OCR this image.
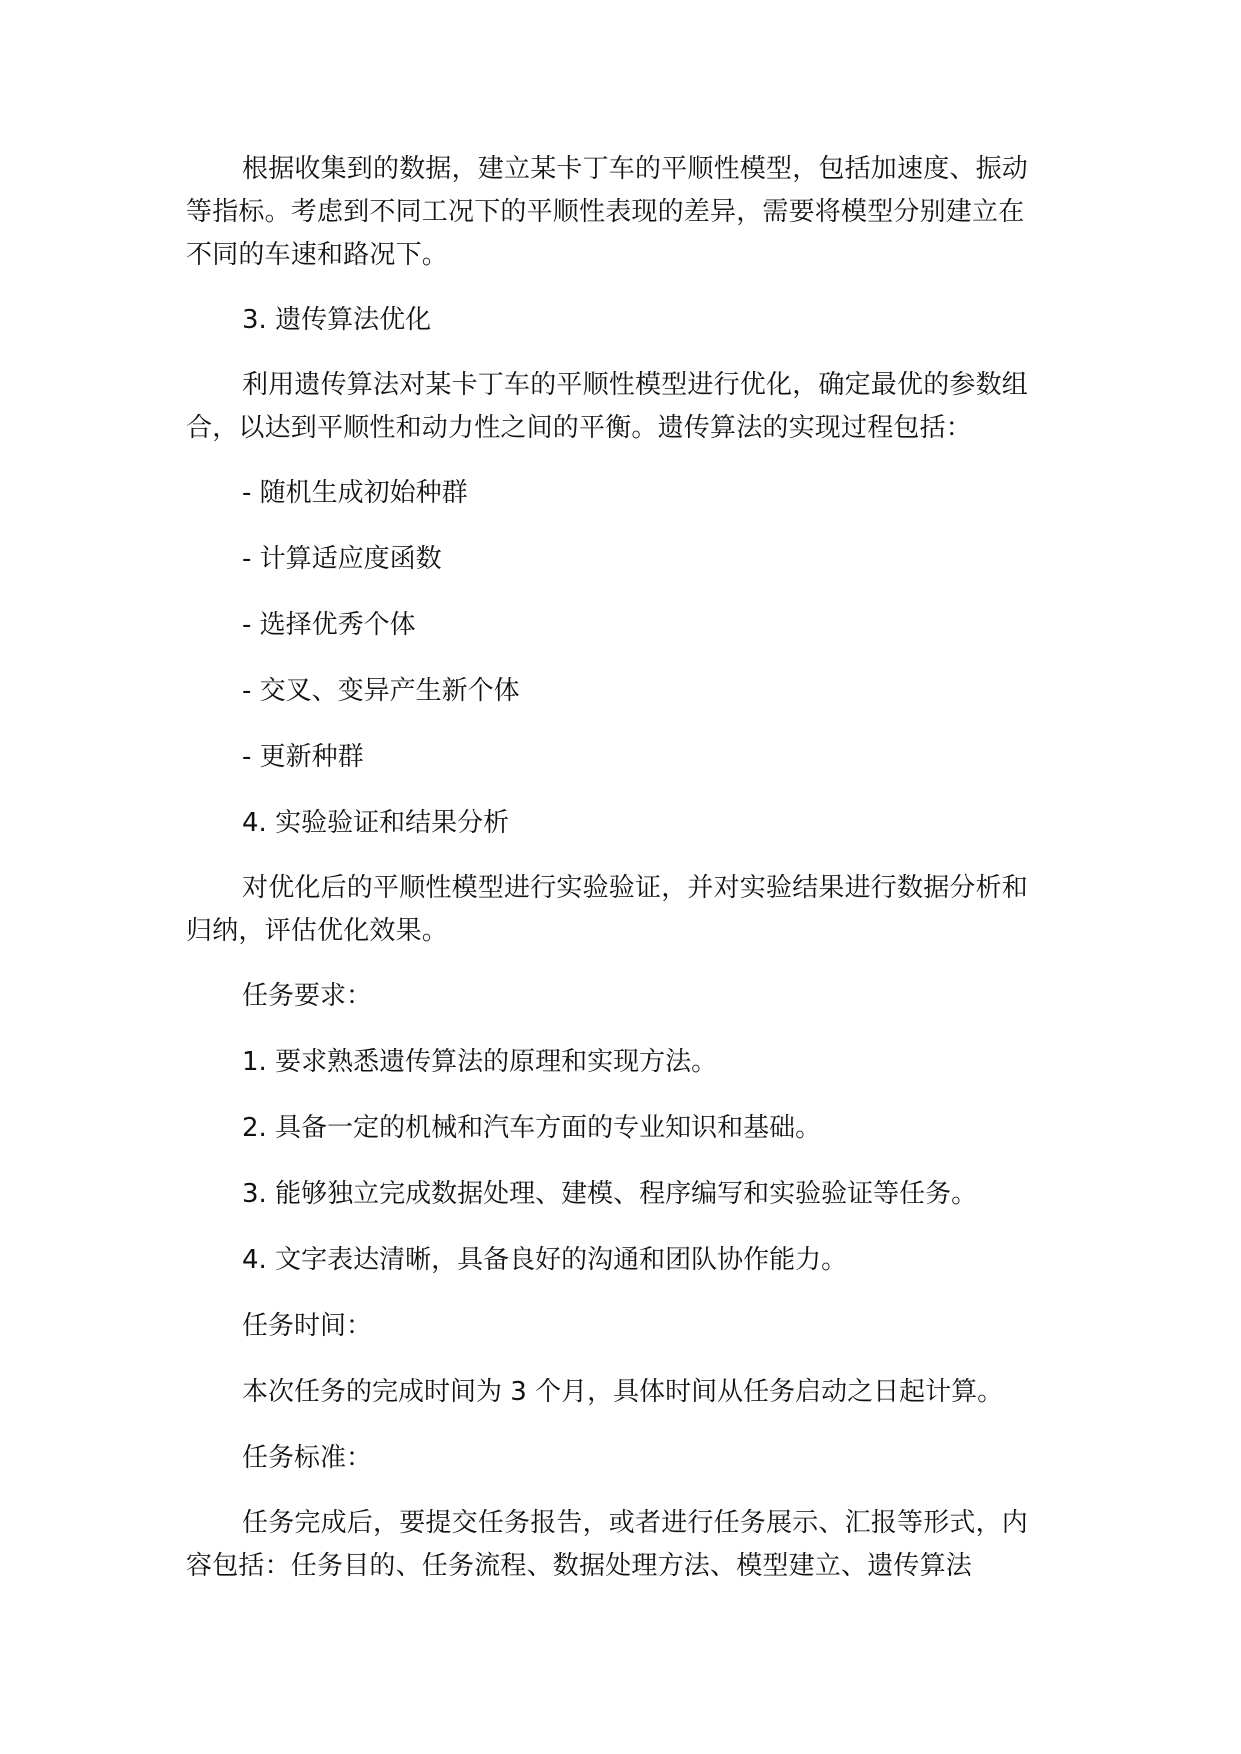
根据收集到的数据，建立某卡丁车的平顺性模型，包括加速度、振动等指标。考虑到不同工况下的平顺性表现的差异，需要将模型分别建立在不同的车速和路况下。

3. 遗传算法优化

利用遗传算法对某卡丁车的平顺性模型进行优化，确定最优的参数组合，以达到平顺性和动力性之间的平衡。遗传算法的实现过程包括：

- 随机生成初始种群

- 计算适应度函数

- 选择优秀个体

- 交叉、变异产生新个体

- 更新种群

4. 实验验证和结果分析

对优化后的平顺性模型进行实验验证，并对实验结果进行数据分析和归纳，评估优化效果。

任务要求：

1. 要求熟悉遗传算法的原理和实现方法。

2. 具备一定的机械和汽车方面的专业知识和基础。

3. 能够独立完成数据处理、建模、程序编写和实验验证等任务。

4. 文字表达清晰，具备良好的沟通和团队协作能力。

任务时间：

本次任务的完成时间为 3 个月，具体时间从任务启动之日起计算。

任务标准：

任务完成后，要提交任务报告，或者进行任务展示、汇报等形式，内容包括：任务目的、任务流程、数据处理方法、模型建立、遗传算法
